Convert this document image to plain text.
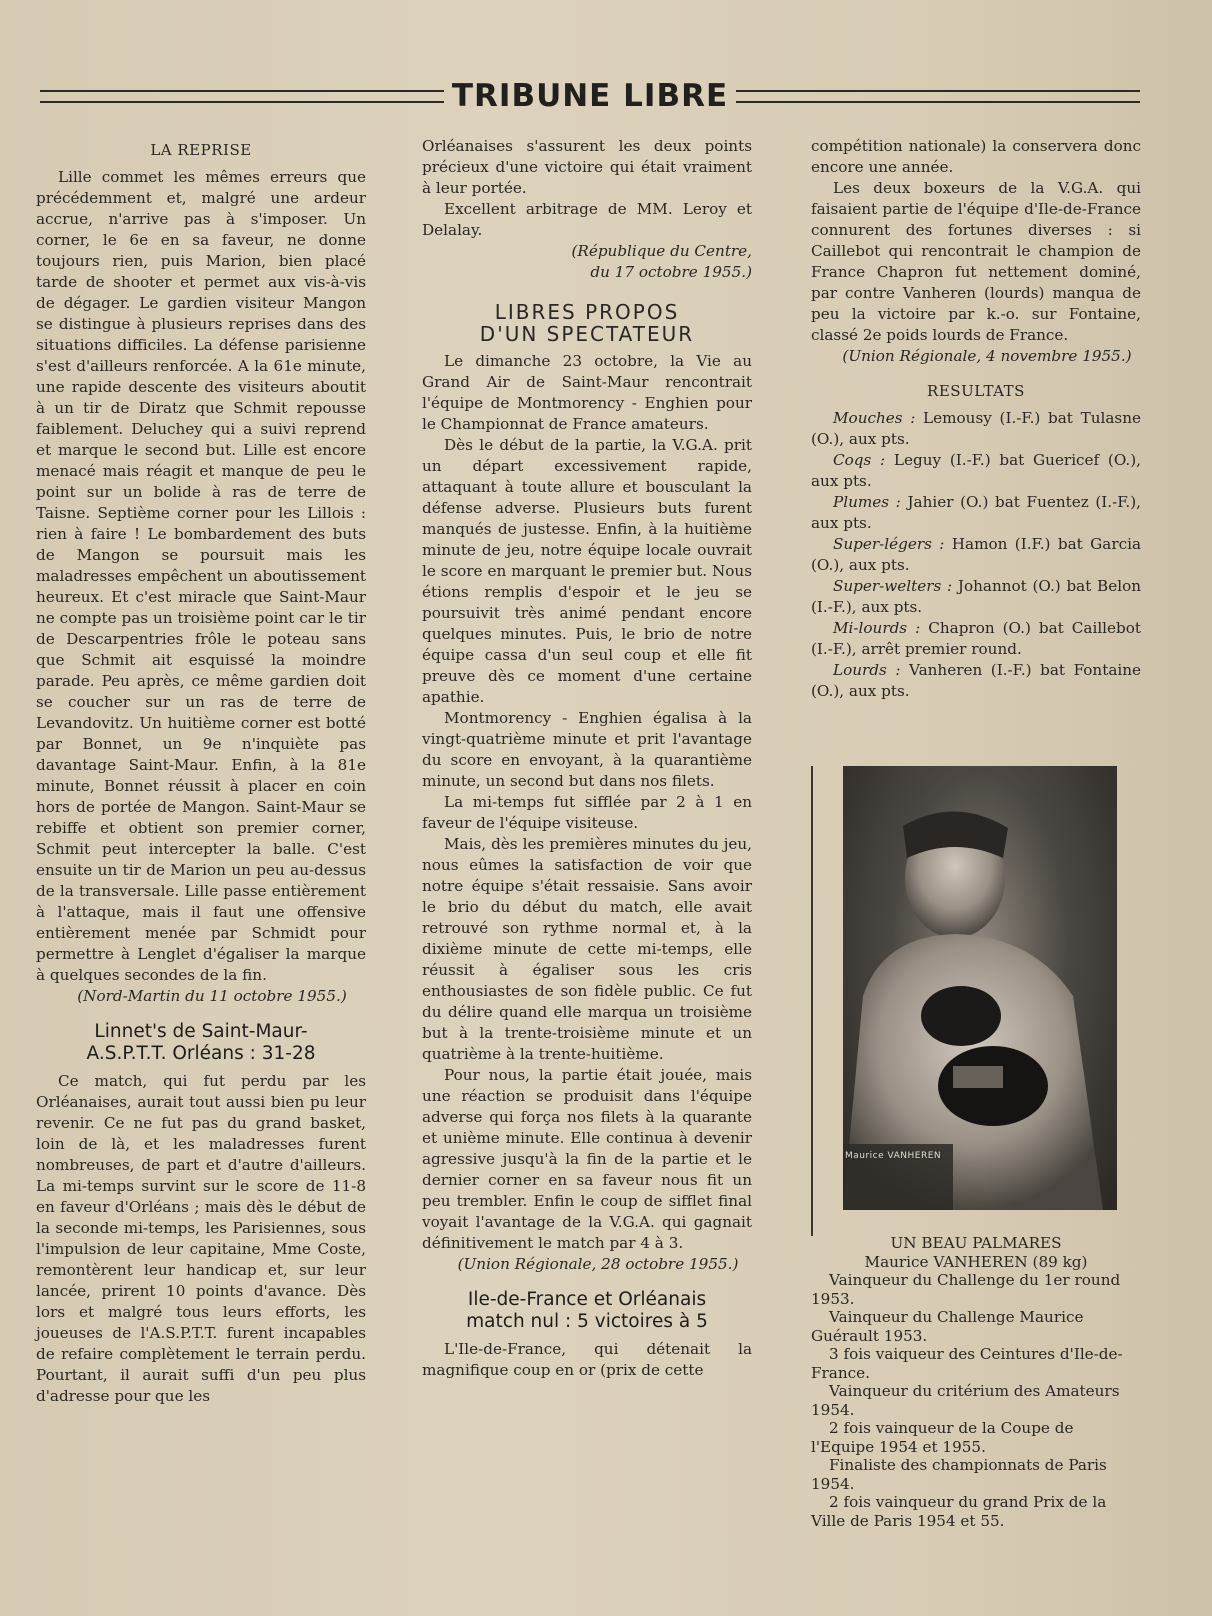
TRIBUNE LIBRE
LA REPRISE

Lille commet les mêmes erreurs que précédemment et, malgré une ardeur accrue, n'arrive pas à s'imposer. Un corner, le 6e en sa faveur, ne donne toujours rien, puis Marion, bien placé tarde de shooter et permet aux vis-à-vis de dégager. Le gardien visiteur Mangon se distingue à plusieurs reprises dans des situations difficiles. La défense parisienne s'est d'ailleurs renforcée. A la 61e minute, une rapide descente des visiteurs aboutit à un tir de Diratz que Schmit repousse faiblement. Deluchey qui a suivi reprend et marque le second but. Lille est encore menacé mais réagit et manque de peu le point sur un bolide à ras de terre de Taisne. Septième corner pour les Lillois : rien à faire ! Le bombardement des buts de Mangon se poursuit mais les maladresses empêchent un aboutissement heureux. Et c'est miracle que Saint-Maur ne compte pas un troisième point car le tir de Descarpentries frôle le poteau sans que Schmit ait esquissé la moindre parade. Peu après, ce même gardien doit se coucher sur un ras de terre de Levandovitz. Un huitième corner est botté par Bonnet, un 9e n'inquiète pas davantage Saint-Maur. Enfin, à la 81e minute, Bonnet réussit à placer en coin hors de portée de Mangon. Saint-Maur se rebiffe et obtient son premier corner, Schmit peut intercepter la balle. C'est ensuite un tir de Marion un peu au-dessus de la transversale. Lille passe entièrement à l'attaque, mais il faut une offensive entièrement menée par Schmidt pour permettre à Lenglet d'égaliser la marque à quelques secondes de la fin.

(Nord-Martin du 11 octobre 1955.)

Linnet's de Saint-Maur-
A.S.P.T.T. Orléans : 31-28

Ce match, qui fut perdu par les Orléanaises, aurait tout aussi bien pu leur revenir. Ce ne fut pas du grand basket, loin de là, et les maladresses furent nombreuses, de part et d'autre d'ailleurs. La mi-temps survint sur le score de 11-8 en faveur d'Orléans ; mais dès le début de la seconde mi-temps, les Parisiennes, sous l'impulsion de leur capitaine, Mme Coste, remontèrent leur handicap et, sur leur lancée, prirent 10 points d'avance. Dès lors et malgré tous leurs efforts, les joueuses de l'A.S.P.T.T. furent incapables de refaire complètement le terrain perdu. Pourtant, il aurait suffi d'un peu plus d'adresse pour que les

Orléanaises s'assurent les deux points précieux d'une victoire qui était vraiment à leur portée.

Excellent arbitrage de MM. Leroy et Delalay.

(République du Centre,

du 17 octobre 1955.)

LIBRES PROPOS
D'UN SPECTATEUR

Le dimanche 23 octobre, la Vie au Grand Air de Saint-Maur rencontrait l'équipe de Montmorency - Enghien pour le Championnat de France amateurs.

Dès le début de la partie, la V.G.A. prit un départ excessivement rapide, attaquant à toute allure et bousculant la défense adverse. Plusieurs buts furent manqués de justesse. Enfin, à la huitième minute de jeu, notre équipe locale ouvrait le score en marquant le premier but. Nous étions remplis d'espoir et le jeu se poursuivit très animé pendant encore quelques minutes. Puis, le brio de notre équipe cassa d'un seul coup et elle fit preuve dès ce moment d'une certaine apathie.

Montmorency - Enghien égalisa à la vingt-quatrième minute et prit l'avantage du score en envoyant, à la quarantième minute, un second but dans nos filets.

La mi-temps fut sifflée par 2 à 1 en faveur de l'équipe visiteuse.

Mais, dès les premières minutes du jeu, nous eûmes la satisfaction de voir que notre équipe s'était ressaisie. Sans avoir le brio du début du match, elle avait retrouvé son rythme normal et, à la dixième minute de cette mi-temps, elle réussit à égaliser sous les cris enthousiastes de son fidèle public. Ce fut du délire quand elle marqua un troisième but à la trente-troisième minute et un quatrième à la trente-huitième.

Pour nous, la partie était jouée, mais une réaction se produisit dans l'équipe adverse qui força nos filets à la quarante et unième minute. Elle continua à devenir agressive jusqu'à la fin de la partie et le dernier corner en sa faveur nous fit un peu trembler. Enfin le coup de sifflet final voyait l'avantage de la V.G.A. qui gagnait définitivement le match par 4 à 3.

(Union Régionale, 28 octobre 1955.)

Ile-de-France et Orléanais
match nul : 5 victoires à 5

L'Ile-de-France, qui détenait la magnifique coup en or (prix de cette

compétition nationale) la conservera donc encore une année.

Les deux boxeurs de la V.G.A. qui faisaient partie de l'équipe d'Ile-de-France connurent des fortunes diverses : si Caillebot qui rencontrait le champion de France Chapron fut nettement dominé, par contre Vanheren (lourds) manqua de peu la victoire par k.-o. sur Fontaine, classé 2e poids lourds de France.

(Union Régionale, 4 novembre 1955.)

RESULTATS

Mouches : Lemousy (I.-F.) bat Tulasne (O.), aux pts.

Coqs : Leguy (I.-F.) bat Guericef (O.), aux pts.

Plumes : Jahier (O.) bat Fuentez (I.-F.), aux pts.

Super-légers : Hamon (I.F.) bat Garcia (O.), aux pts.

Super-welters : Johannot (O.) bat Belon (I.-F.), aux pts.

Mi-lourds : Chapron (O.) bat Caillebot (I.-F.), arrêt premier round.

Lourds : Vanheren (I.-F.) bat Fontaine (O.), aux pts.

Maurice VANHEREN

UN BEAU PALMARES

Maurice VANHEREN (89 kg)

Vainqueur du Challenge du 1er round 1953.

Vainqueur du Challenge Maurice Guérault 1953.

3 fois vaiqueur des Ceintures d'Ile-de-France.

Vainqueur du critérium des Amateurs 1954.

2 fois vainqueur de la Coupe de l'Equipe 1954 et 1955.

Finaliste des championnats de Paris 1954.

2 fois vainqueur du grand Prix de la Ville de Paris 1954 et 55.
